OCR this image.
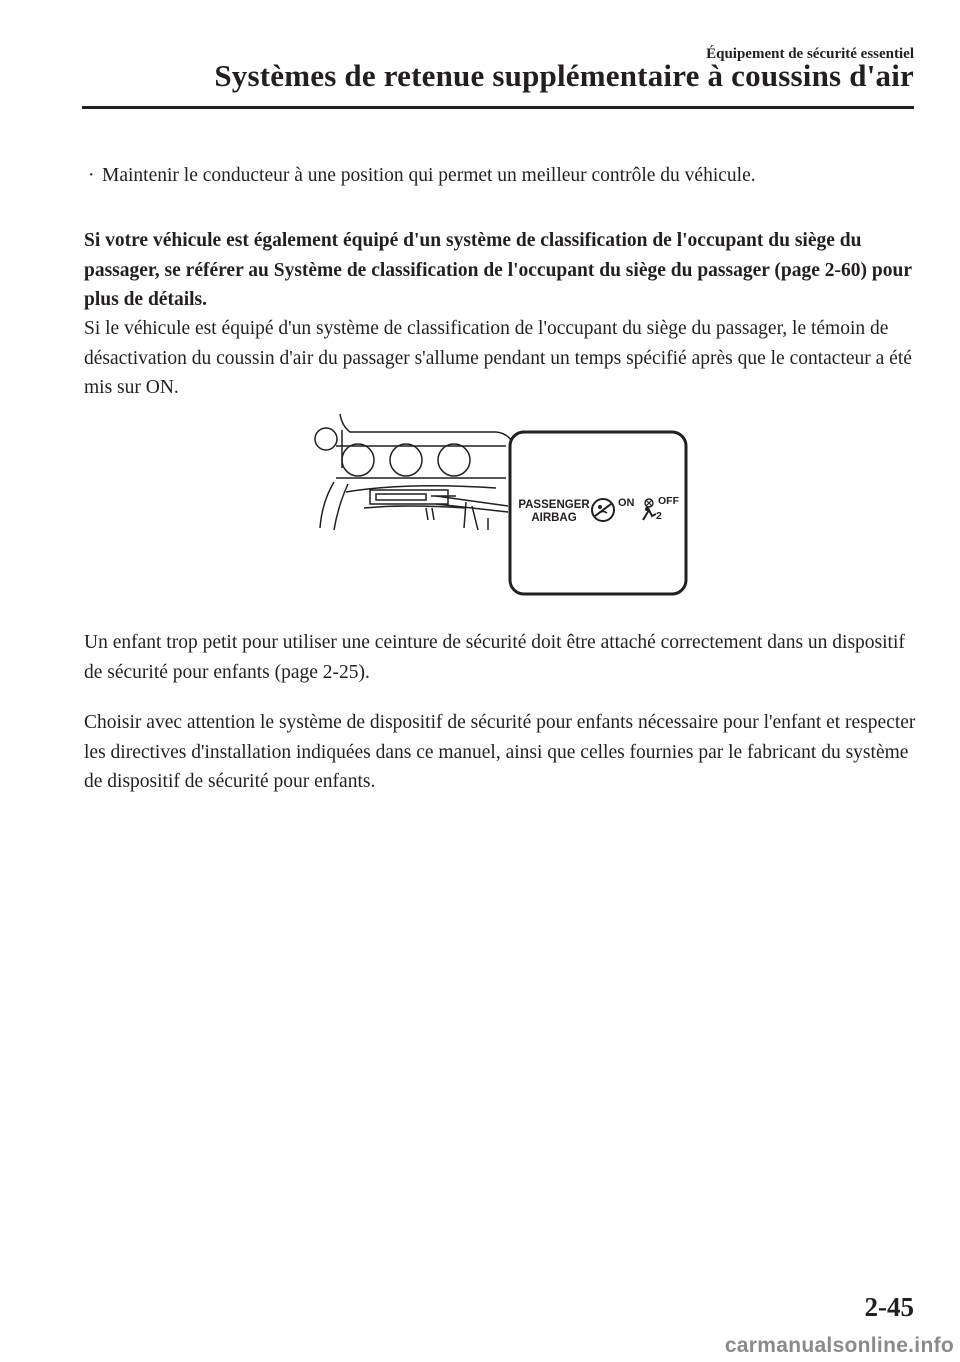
Équipement de sécurité essentiel
Systèmes de retenue supplémentaire à coussins d'air
· Maintenir le conducteur à une position qui permet un meilleur contrôle du véhicule.
Si votre véhicule est également équipé d'un système de classification de l'occupant du siège du passager, se référer au Système de classification de l'occupant du siège du passager (page 2-60) pour plus de détails.
Si le véhicule est équipé d'un système de classification de l'occupant du siège du passager, le témoin de désactivation du coussin d'air du passager s'allume pendant un temps spécifié après que le contacteur a été mis sur ON.
PASSENGER
AIRBAG
ON OFF
2
Un enfant trop petit pour utiliser une ceinture de sécurité doit être attaché correctement dans un dispositif de sécurité pour enfants (page 2-25).
Choisir avec attention le système de dispositif de sécurité pour enfants nécessaire pour l'enfant et respecter les directives d'installation indiquées dans ce manuel, ainsi que celles fournies par le fabricant du système de dispositif de sécurité pour enfants.
2-45
carmanualsonline.info
